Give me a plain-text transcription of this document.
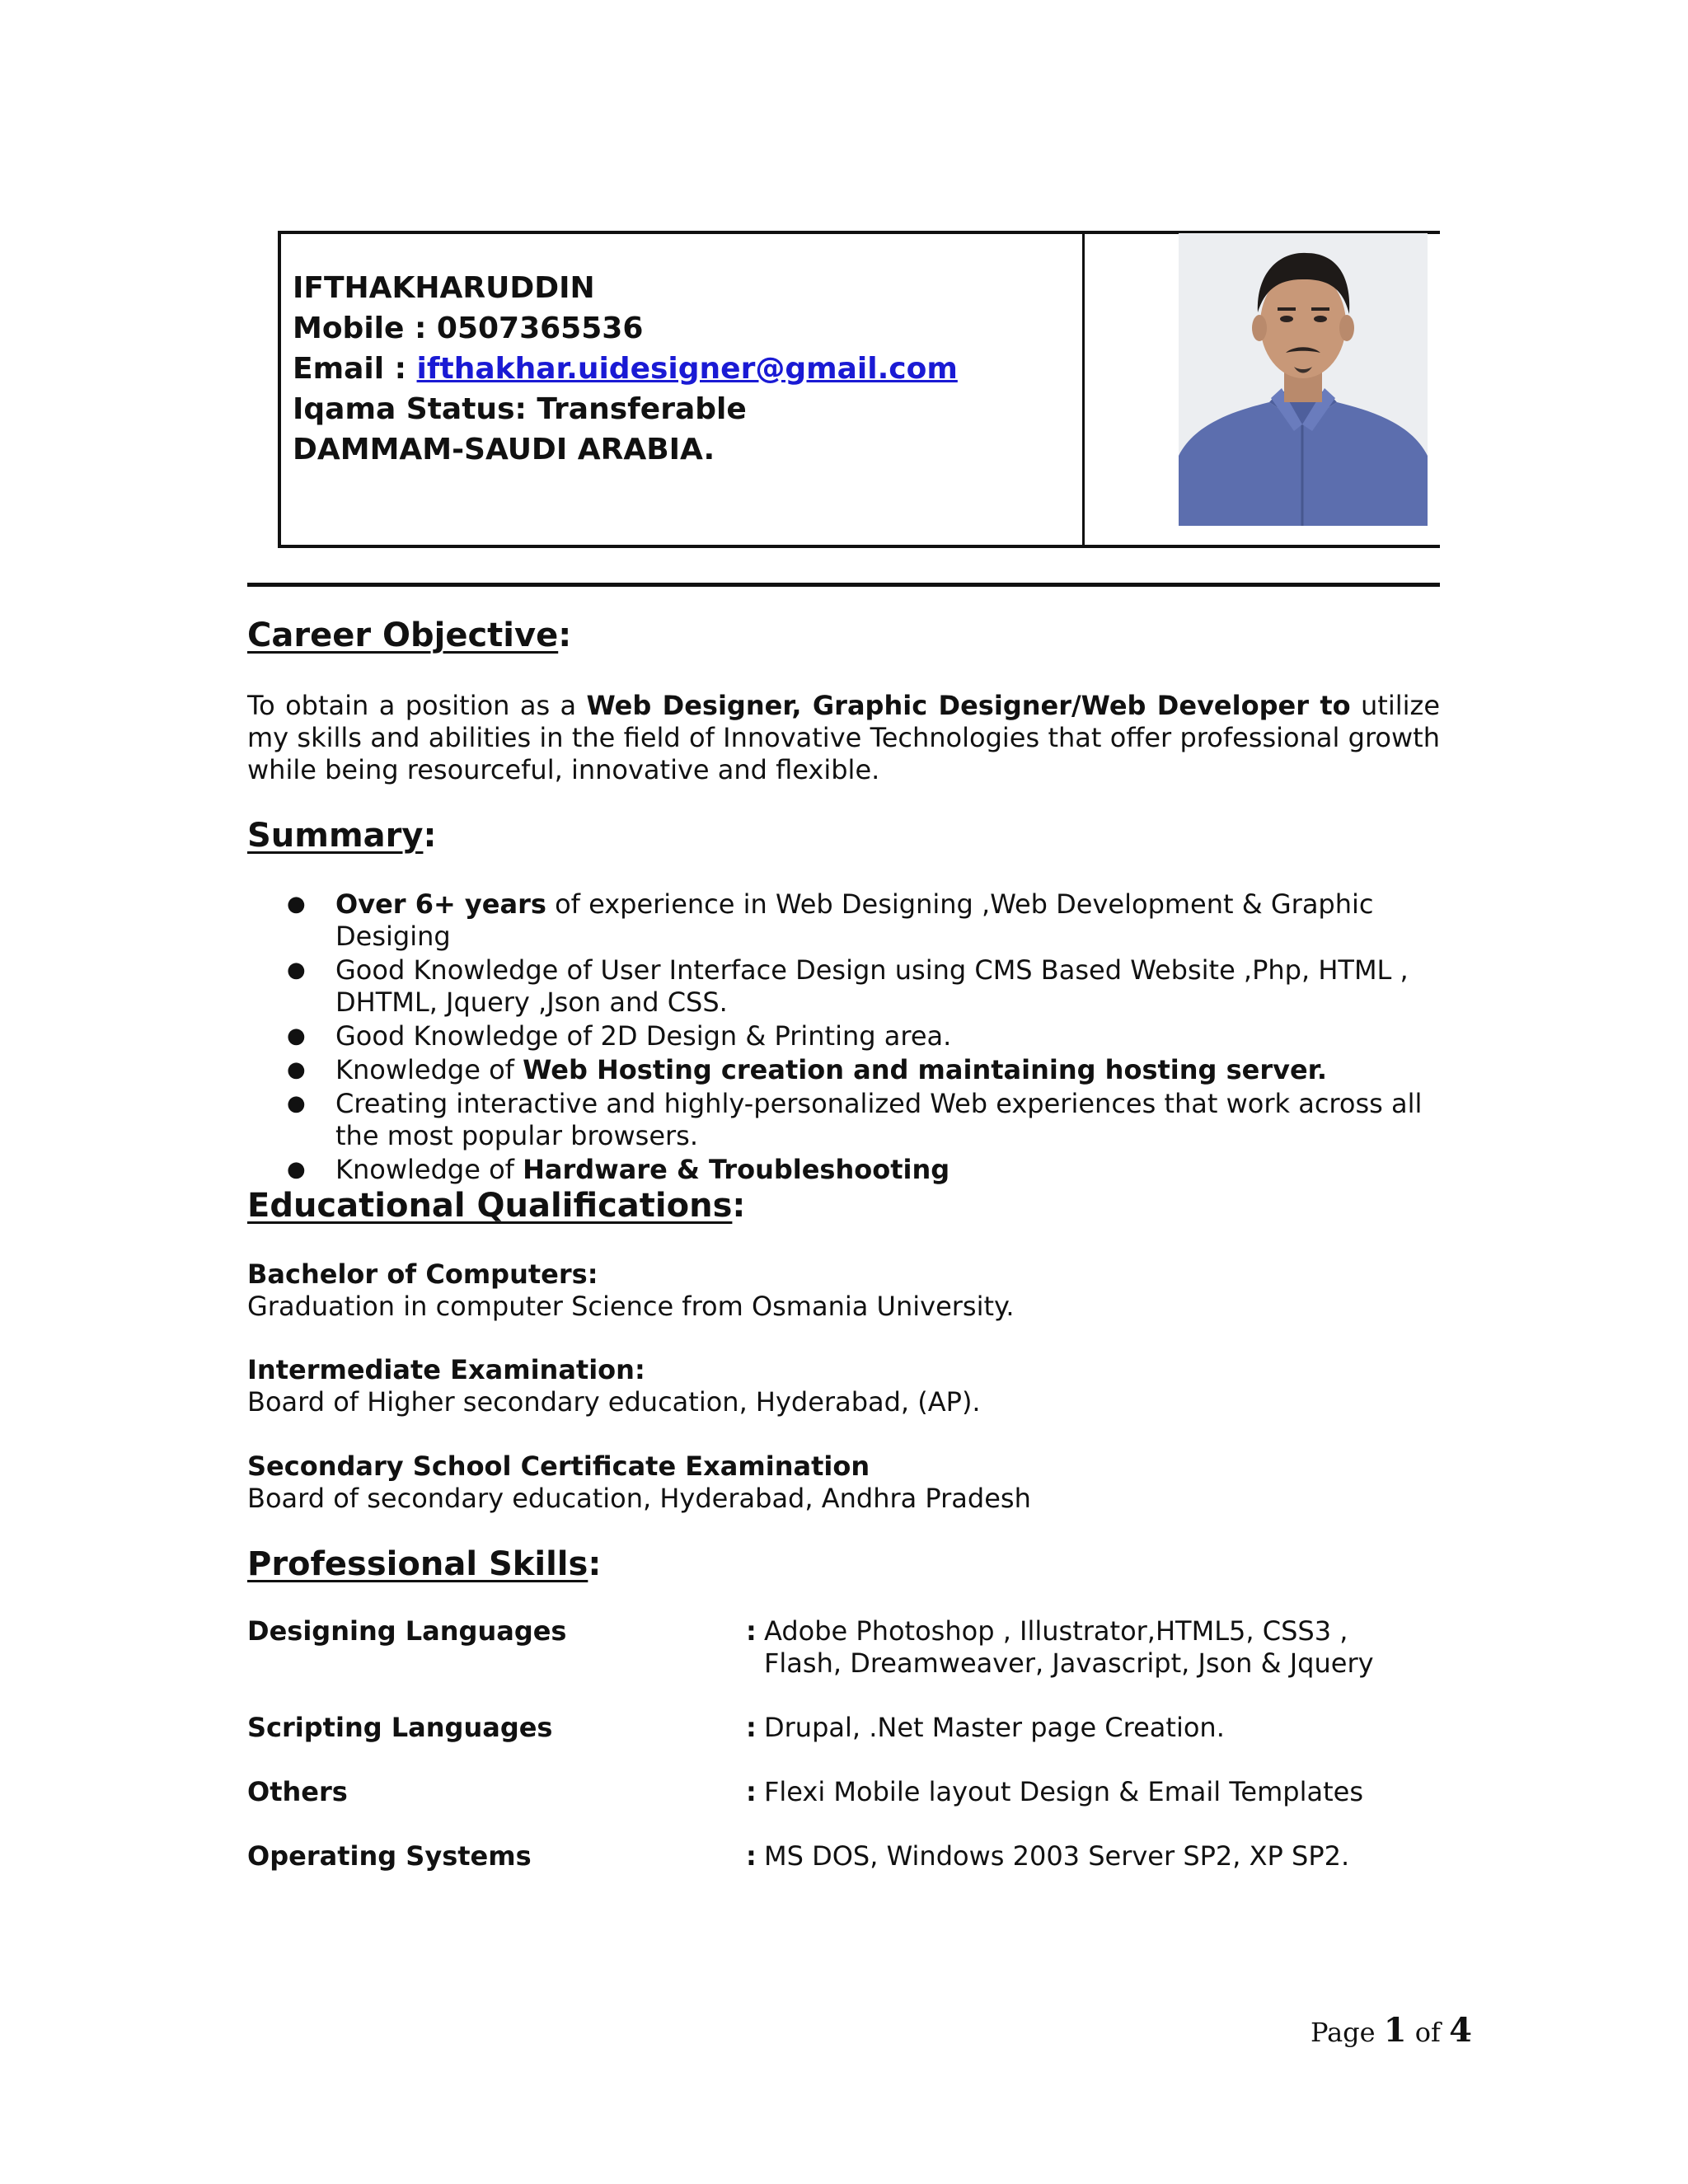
IFTHAKHARUDDIN
Mobile : 0507365536
Email : ifthakhar.uidesigner@gmail.com
Iqama Status: Transferable
DAMMAM-SAUDI ARABIA.
Career Objective:
To obtain a position as a Web Designer, Graphic Designer/Web Developer to utilize my skills and abilities in the field of Innovative Technologies that offer professional growth while being resourceful, innovative and flexible.
Summary:
● Over 6+ years of experience in Web Designing ,Web Development & Graphic Desiging
● Good Knowledge of User Interface Design using CMS Based Website ,Php, HTML , DHTML, Jquery ,Json and CSS.
● Good Knowledge of 2D Design & Printing area.
● Knowledge of Web Hosting creation and maintaining hosting server.
● Creating interactive and highly-personalized Web experiences that work across all the most popular browsers.
● Knowledge of Hardware & Troubleshooting
Educational Qualifications:
Bachelor of Computers:
Graduation in computer Science from Osmania University.
Intermediate Examination:
Board of Higher secondary education, Hyderabad, (AP).
Secondary School Certificate Examination
Board of secondary education, Hyderabad, Andhra Pradesh
Professional Skills:
Designing Languages	: Adobe Photoshop , Illustrator,HTML5, CSS3 , Flash, Dreamweaver, Javascript, Json & Jquery
Scripting Languages	: Drupal, .Net Master page Creation.
Others	: Flexi Mobile layout Design & Email Templates
Operating Systems	: MS DOS, Windows 2003 Server SP2, XP SP2.
Page 1 of 4
